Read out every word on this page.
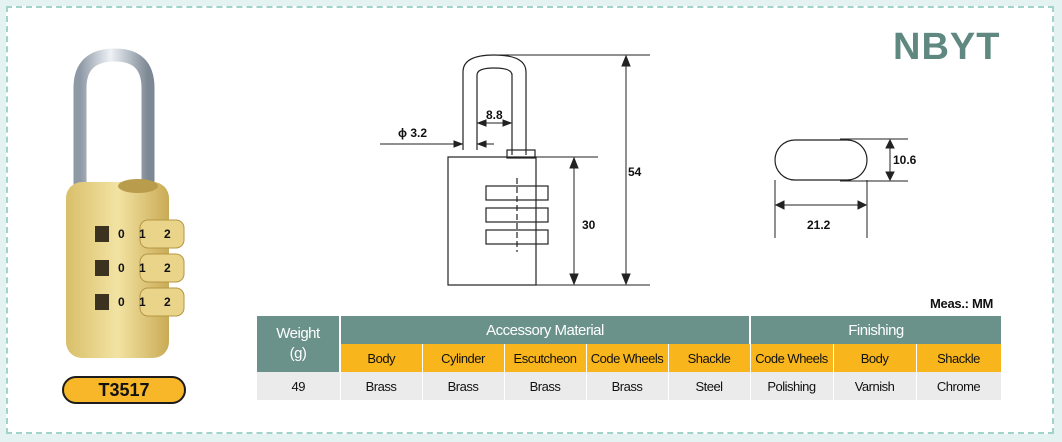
NBYT
0 1 2
0 1 2
0 1 2
ϕ 3.2
8.8
54
30
10.6
21.2
T3517
Meas.: MM
Weight
(g)	Accessory Material					Finishing		
	Body	Cylinder	Escutcheon	Code Wheels	Shackle	Code Wheels	Body	Shackle
49	Brass	Brass	Brass	Brass	Steel	Polishing	Varnish	Chrome
